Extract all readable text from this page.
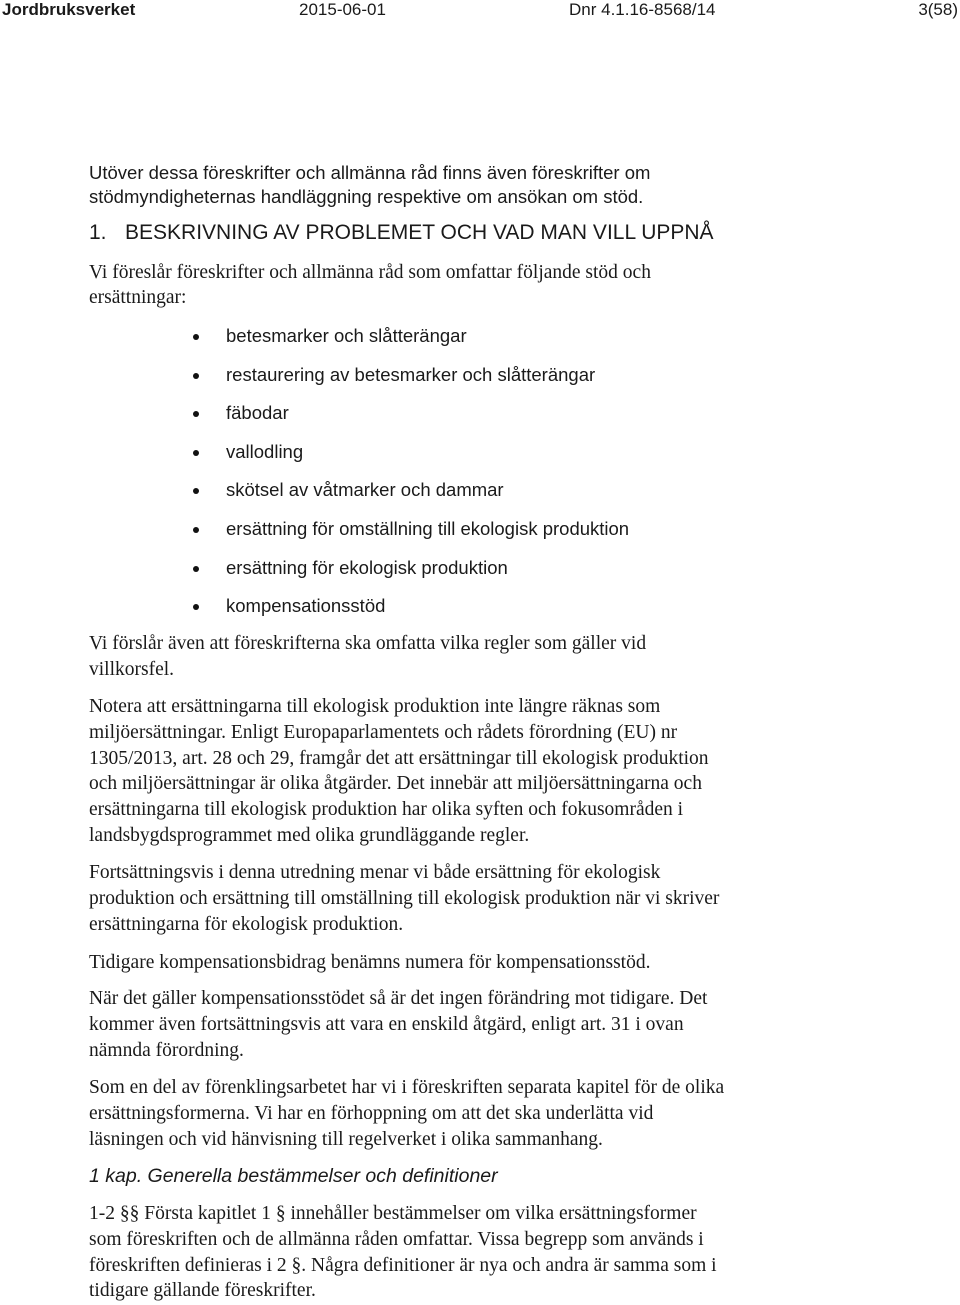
Jordbruksverket	2015-06-01	Dnr 4.1.16-8568/14	3(58)

Utöver dessa föreskrifter och allmänna råd finns även föreskrifter om
stödmyndigheternas handläggning respektive om ansökan om stöd.

1. BESKRIVNING AV PROBLEMET OCH VAD MAN VILL UPPNÅ

Vi föreslår föreskrifter och allmänna råd som omfattar följande stöd och
ersättningar:

betesmarker och slåtterängar
restaurering av betesmarker och slåtterängar
fäbodar
vallodling
skötsel av våtmarker och dammar
ersättning för omställning till ekologisk produktion
ersättning för ekologisk produktion
kompensationsstöd

Vi förslår även att föreskrifterna ska omfatta vilka regler som gäller vid
villkorsfel.

Notera att ersättningarna till ekologisk produktion inte längre räknas som
miljöersättningar. Enligt Europaparlamentets och rådets förordning (EU) nr
1305/2013, art. 28 och 29, framgår det att ersättningar till ekologisk produktion
och miljöersättningar är olika åtgärder. Det innebär att miljöersättningarna och
ersättningarna till ekologisk produktion har olika syften och fokusområden i
landsbygdsprogrammet med olika grundläggande regler.

Fortsättningsvis i denna utredning menar vi både ersättning för ekologisk
produktion och ersättning till omställning till ekologisk produktion när vi skriver
ersättningarna för ekologisk produktion.

Tidigare kompensationsbidrag benämns numera för kompensationsstöd.

När det gäller kompensationsstödet så är det ingen förändring mot tidigare. Det
kommer även fortsättningsvis att vara en enskild åtgärd, enligt art. 31 i ovan
nämnda förordning.

Som en del av förenklingsarbetet har vi i föreskriften separata kapitel för de olika
ersättningsformerna. Vi har en förhoppning om att det ska underlätta vid
läsningen och vid hänvisning till regelverket i olika sammanhang.

1 kap. Generella bestämmelser och definitioner

1-2 §§ Första kapitlet 1 § innehåller bestämmelser om vilka ersättningsformer
som föreskriften och de allmänna råden omfattar. Vissa begrepp som används i
föreskriften definieras i 2 §. Några definitioner är nya och andra är samma som i
tidigare gällande föreskrifter.
